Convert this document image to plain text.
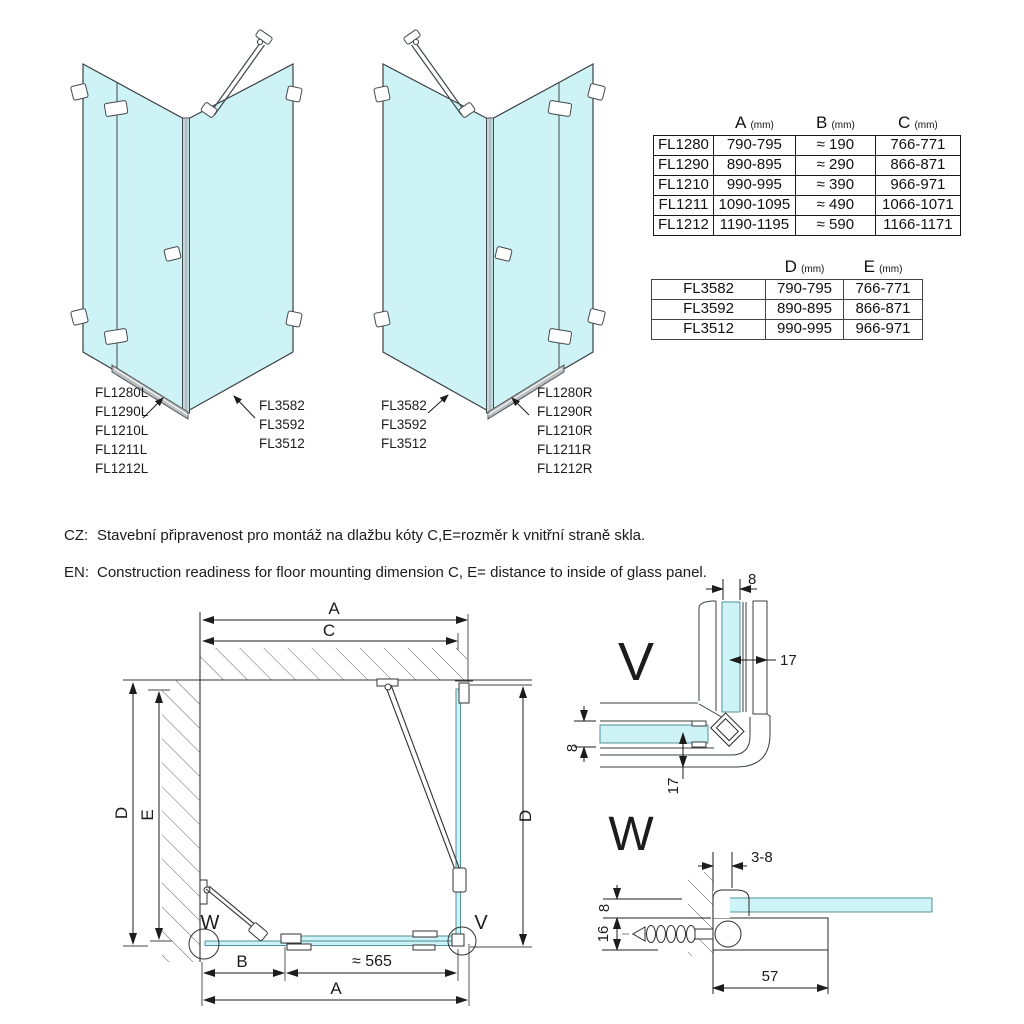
FL1280L
FL1290L
FL1210L
FL1211L
FL1212L
FL3582
FL3592
FL3512
FL3582
FL3592
FL3512
FL1280R
FL1290R
FL1210R
FL1211R
FL1212R
	A (mm)	B (mm)	C (mm)
FL1280	790-795	≈ 190	766-771
FL1290	890-895	≈ 290	866-871
FL1210	990-995	≈ 390	966-971
FL1211	1090-1095	≈ 490	1066-1071
FL1212	1190-1195	≈ 590	1166-1171
	D (mm)	E (mm)
FL3582	790-795	766-771
FL3592	890-895	866-871
FL3512	990-995	966-971
CZ: Stavební připravenost pro montáž na dlažbu kóty C,E=rozměr k vnitřní straně skla.
EN: Construction readiness for floor mounting dimension C, E= distance to inside of glass panel.
A
C
D E	D
B	≈ 565
A
W	V
V
8
17
8
17
W	3-8
8
16
57
